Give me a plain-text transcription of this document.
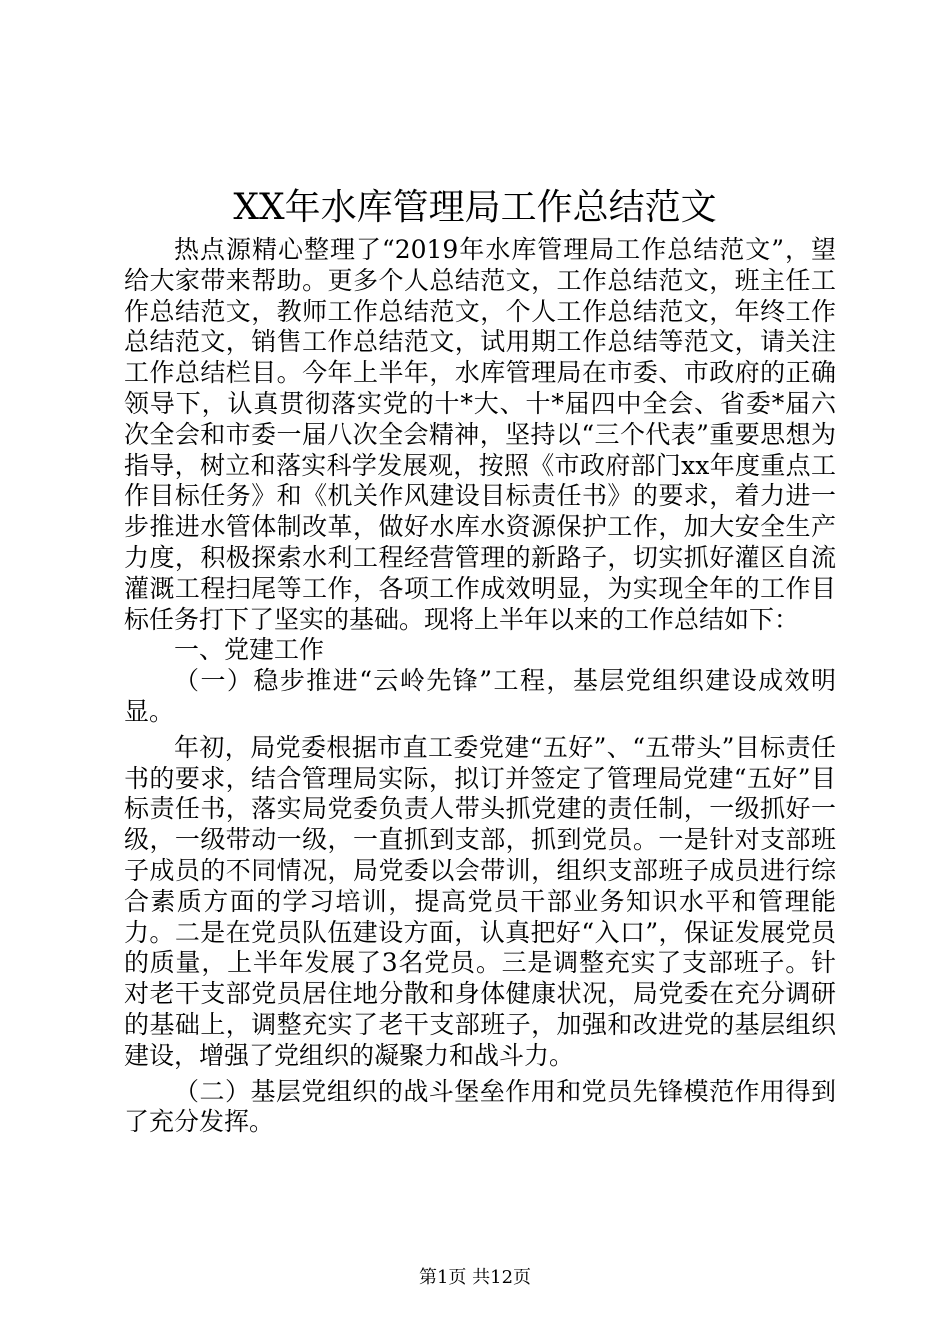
XX年水库管理局工作总结范文

热点源精心整理了“2019年水库管理局工作总结范文”，望给大家带来帮助。更多个人总结范文，工作总结范文，班主任工作总结范文，教师工作总结范文，个人工作总结范文，年终工作总结范文，销售工作总结范文，试用期工作总结等范文，请关注工作总结栏目。今年上半年，水库管理局在市委、市政府的正确领导下，认真贯彻落实党的十*大、十*届四中全会、省委*届六次全会和市委一届八次全会精神，坚持以“三个代表”重要思想为指导，树立和落实科学发展观，按照《市政府部门xx年度重点工作目标任务》和《机关作风建设目标责任书》的要求，着力进一步推进水管体制改革，做好水库水资源保护工作，加大安全生产力度，积极探索水利工程经营管理的新路子，切实抓好灌区自流灌溉工程扫尾等工作，各项工作成效明显，为实现全年的工作目标任务打下了坚实的基础。现将上半年以来的工作总结如下：

一、党建工作

（一）稳步推进“云岭先锋”工程，基层党组织建设成效明显。

年初，局党委根据市直工委党建“五好”、“五带头”目标责任书的要求，结合管理局实际，拟订并签定了管理局党建“五好”目标责任书，落实局党委负责人带头抓党建的责任制，一级抓好一级，一级带动一级，一直抓到支部，抓到党员。一是针对支部班子成员的不同情况，局党委以会带训，组织支部班子成员进行综合素质方面的学习培训，提高党员干部业务知识水平和管理能力。二是在党员队伍建设方面，认真把好“入口”，保证发展党员的质量，上半年发展了3名党员。三是调整充实了支部班子。针对老干支部党员居住地分散和身体健康状况，局党委在充分调研的基础上，调整充实了老干支部班子，加强和改进党的基层组织建设，增强了党组织的凝聚力和战斗力。

（二）基层党组织的战斗堡垒作用和党员先锋模范作用得到了充分发挥。

第1页 共12页
